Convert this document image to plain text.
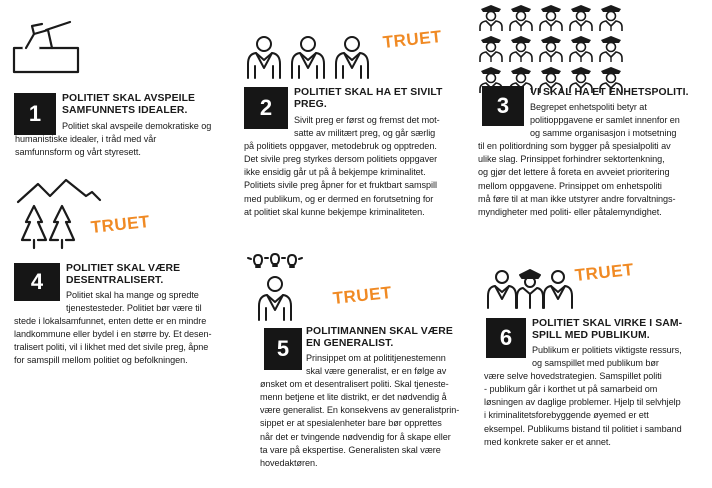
1
POLITIET SKAL AVSPEILE
SAMFUNNETS IDEALER.
Politiet skal avspeile demokratiske og
humanistiske idealer, i tråd med vår
samfunnsform og vårt styresett.
TRUET
4
POLITIET SKAL VÆRE
DESENTRALISERT.
Politiet skal ha mange og spredte
tjenestesteder. Politiet bør være til
stede i lokalsamfunnet, enten dette er en mindre
landkommune eller bydel i en større by. Et desen-
tralisert politi, vil i likhet med det sivile preg, åpne
for samspill mellom politiet og befolkningen.
TRUET
2
POLITIET SKAL HA ET SIVILT
PREG.
Sivilt preg er først og fremst det mot-
satte av militært preg, og går særlig
på politiets oppgaver, metodebruk og opptreden.
Det sivile preg styrkes dersom politiets oppgaver
ikke ensidig går ut på å bekjempe kriminalitet.
Politiets sivile preg åpner for et fruktbart samspill
med publikum, og er dermed en forutsetning for
at politiet skal kunne bekjempe kriminaliteten.
TRUET
5
POLITIMANNEN SKAL VÆRE
EN GENERALIST.
Prinsippet om at polititjenestemenn
skal være generalist, er en følge av
ønsket om et desentralisert politi. Skal tjeneste-
menn betjene et lite distrikt, er det nødvendig å
være generalist. En konsekvens av generalistprin-
sippet er at spesialenheter bare bør opprettes
når det er tvingende nødvendig for å skape eller
ta vare på ekspertise. Generalisten skal være
hovedaktøren.
3
VI SKAL HA ET ENHETSPOLITI.
Begrepet enhetspoliti betyr at
politioppgavene er samlet innenfor en
og samme organisasjon i motsetning
til en politiordning som bygger på spesialpoliti av
ulike slag. Prinsippet forhindrer sektortenkning,
og gjør det lettere å foreta en avveiet prioritering
mellom oppgavene. Prinsippet om enhetspoliti
må føre til at man ikke utstyrer andre forvaltnings-
myndigheter med politi- eller påtalemyndighet.
TRUET
6
POLITIET SKAL VIRKE I SAM-
SPILL MED PUBLIKUM.
Publikum er politiets viktigste ressurs,
og samspillet med publikum bør
være selve hovedstrategien. Samspillet politi
- publikum går i korthet ut på samarbeid om
løsningen av daglige problemer. Hjelp til selvhjelp
i kriminalitetsforebyggende øyemed er ett
eksempel. Publikums bistand til politiet i samband
med konkrete saker er et annet.
